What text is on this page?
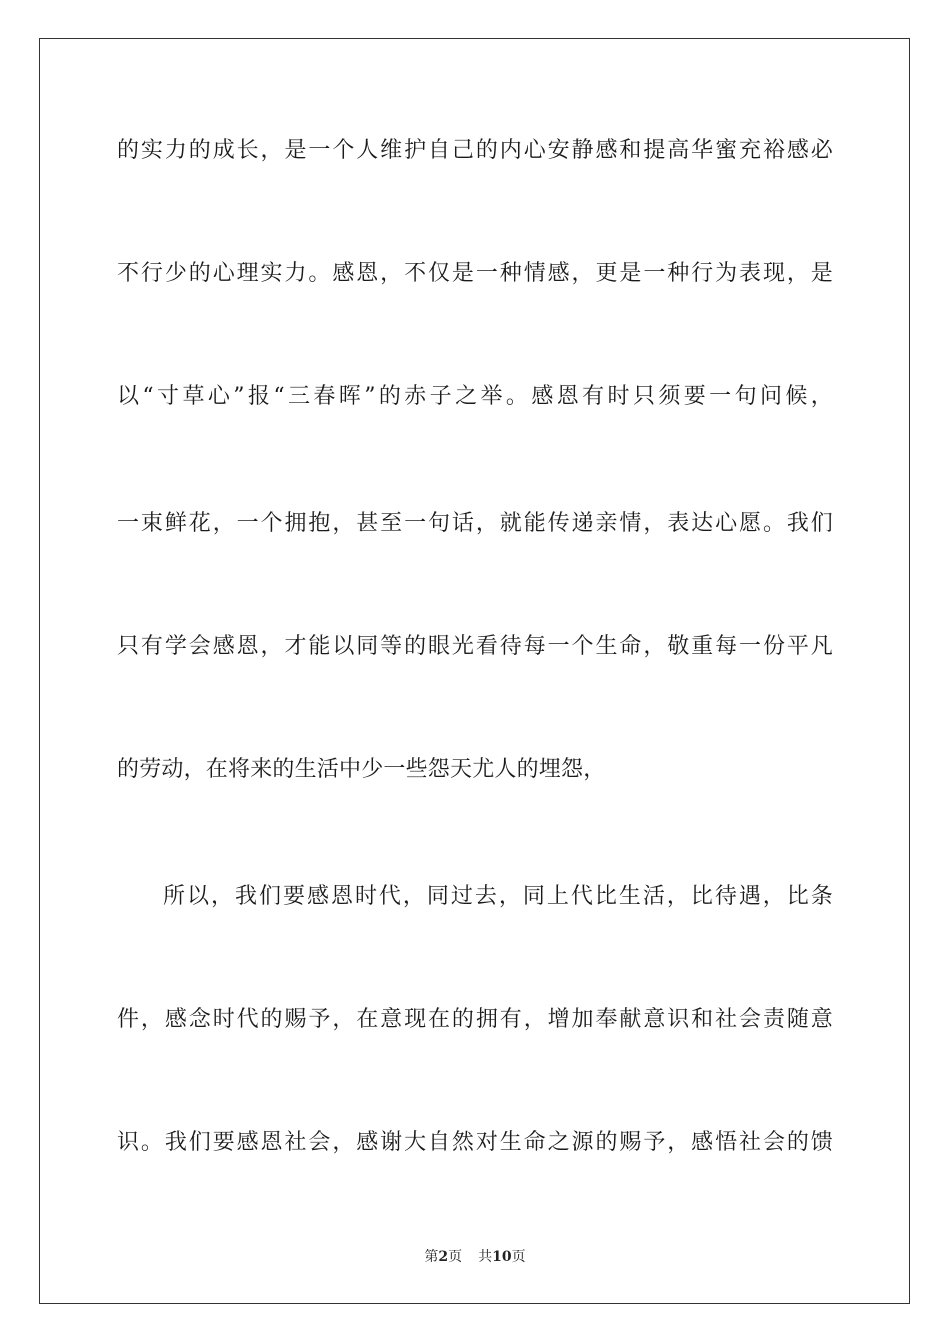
的实力的成长，是一个人维护自己的内心安静感和提高华蜜充裕感必
不行少的心理实力。感恩，不仅是一种情感，更是一种行为表现，是
以“寸草心”报“三春晖”的赤子之举。感恩有时只须要一句问候，
一束鲜花，一个拥抱，甚至一句话，就能传递亲情，表达心愿。我们
只有学会感恩，才能以同等的眼光看待每一个生命，敬重每一份平凡
的劳动，在将来的生活中少一些怨天尤人的埋怨，
所以，我们要感恩时代，同过去，同上代比生活，比待遇，比条
件，感念时代的赐予，在意现在的拥有，增加奉献意识和社会责随意
识。我们要感恩社会，感谢大自然对生命之源的赐予，感悟社会的馈
第2页 共10页
